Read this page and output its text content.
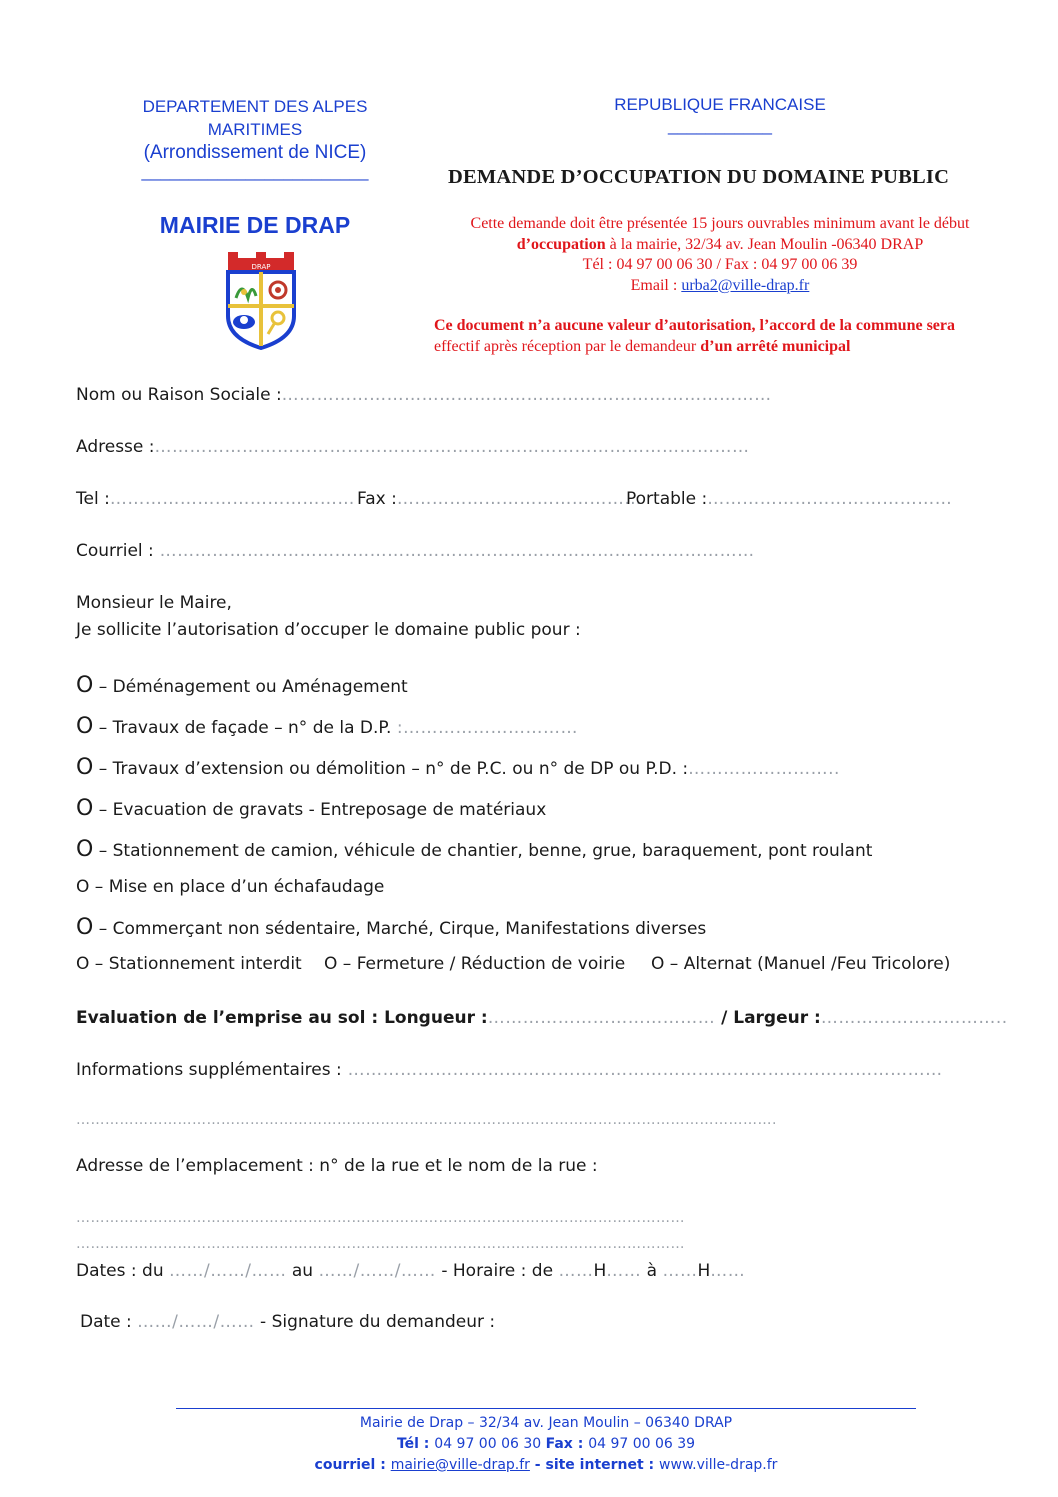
DEPARTEMENT DES ALPES
MARITIMES
(Arrondissement de NICE)
________________________
MAIRIE DE DRAP
DRAP
REPUBLIQUE FRANCAISE
___________
DEMANDE D’OCCUPATION DU DOMAINE PUBLIC
Cette demande doit être présentée 15 jours ouvrables minimum avant le début
d’occupation à la mairie, 32/34 av. Jean Moulin -06340 DRAP
Tél : 04 97 00 06 30 / Fax : 04 97 00 06 39
Email : urba2@ville-drap.fr
Ce document n’a aucune valeur d’autorisation, l’accord de la commune sera
effectif après réception par le demandeur d’un arrêté municipal
Nom ou Raison Sociale :…………………………………………………………………………
Adresse :…………………………………………………………………………………………
Tel :…………………………………… Fax :……………………………………
Portable :……………………………………
Courriel : …………………………………………………………………………………………
Monsieur le Maire,
Je sollicite l’autorisation d’occuper le domaine public pour :
O – Déménagement ou Aménagement
O – Travaux de façade – n° de la D.P. :…………………………
O – Travaux d’extension ou démolition – n° de P.C. ou n° de DP ou P.D. :……………………..
O – Evacuation de gravats - Entreposage de matériaux
O – Stationnement de camion, véhicule de chantier, benne, grue, baraquement, pont roulant
O – Mise en place d’un échafaudage
O – Commerçant non sédentaire, Marché, Cirque, Manifestations diverses
O – Stationnement interdit O – Fermeture / Réduction de voirie O – Alternat (Manuel /Feu Tricolore)
Evaluation de l’emprise au sol : Longueur :………………………………… / Largeur :…………………………..
Informations supplémentaires : …………………………………………………………………………………………
……………………………………………………………………………………………………………………………….
Adresse de l’emplacement : n° de la rue et le nom de la rue :
………………………………………………………………………………………………………………
………………………………………………………………………………………………………………
Dates : du ……/……/…… au ……/……/…… - Horaire : de ……H…… à ……H……
Date : ……/……/…… - Signature du demandeur :
Mairie de Drap – 32/34 av. Jean Moulin – 06340 DRAP
Tél : 04 97 00 06 30 Fax : 04 97 00 06 39
courriel : mairie@ville-drap.fr - site internet : www.ville-drap.fr
